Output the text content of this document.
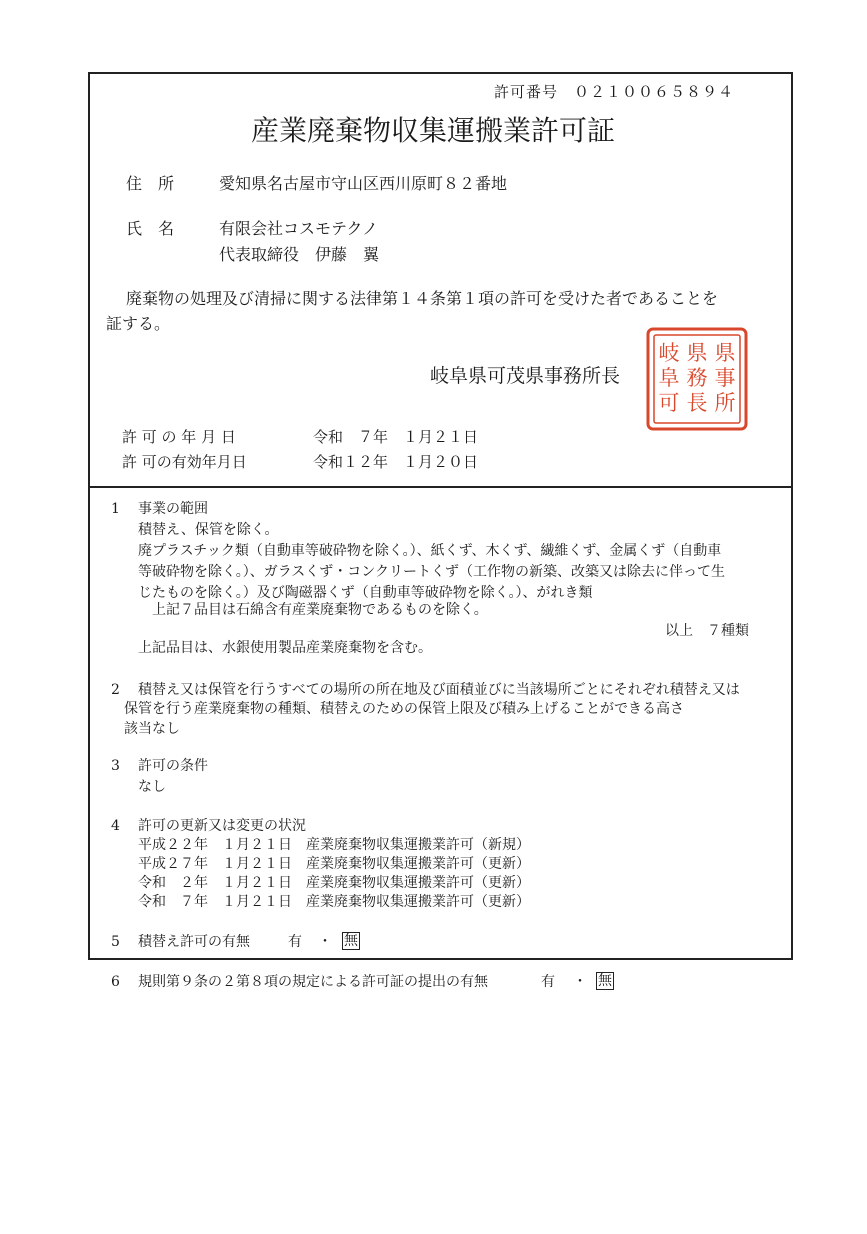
許可番号　０２１００６５８９４
産業廃棄物収集運搬業許可証
住　所	愛知県名古屋市守山区西川原町８２番地
氏　名	有限会社コスモテクノ
代表取締役　伊藤　翼
廃棄物の処理及び清掃に関する法律第１４条第１項の許可を受けた者であることを
証する。
岐阜県可茂県事務所長
県
事
所
県
務
長
岐
阜
可
許 可 の 年 月 日	令和　７年　１月２１日
許 可の有効年月日	令和１２年　１月２０日
1 事業の範囲
積替え、保管を除く。
廃プラスチック類（自動車等破砕物を除く。）、紙くず、木くず、繊維くず、金属くず（自動車
等破砕物を除く。）、ガラスくず・コンクリートくず（工作物の新築、改築又は除去に伴って生
じたものを除く。）及び陶磁器くず（自動車等破砕物を除く。）、がれき類
上記７品目は石綿含有産業廃棄物であるものを除く。
以上　７種類
上記品目は、水銀使用製品産業廃棄物を含む。
2 積替え又は保管を行うすべての場所の所在地及び面積並びに当該場所ごとにそれぞれ積替え又は
保管を行う産業廃棄物の種類、積替えのための保管上限及び積み上げることができる高さ
該当なし
3 許可の条件
なし
4 許可の更新又は変更の状況
平成２２年　１月２１日　産業廃棄物収集運搬業許可（新規）
平成２７年　１月２１日　産業廃棄物収集運搬業許可（更新）
令和　２年　１月２１日　産業廃棄物収集運搬業許可（更新）
令和　７年　１月２１日　産業廃棄物収集運搬業許可（更新）
5 積替え許可の有無	有 ・ 無
6 規則第９条の２第８項の規定による許可証の提出の有無	有 ・ 無
